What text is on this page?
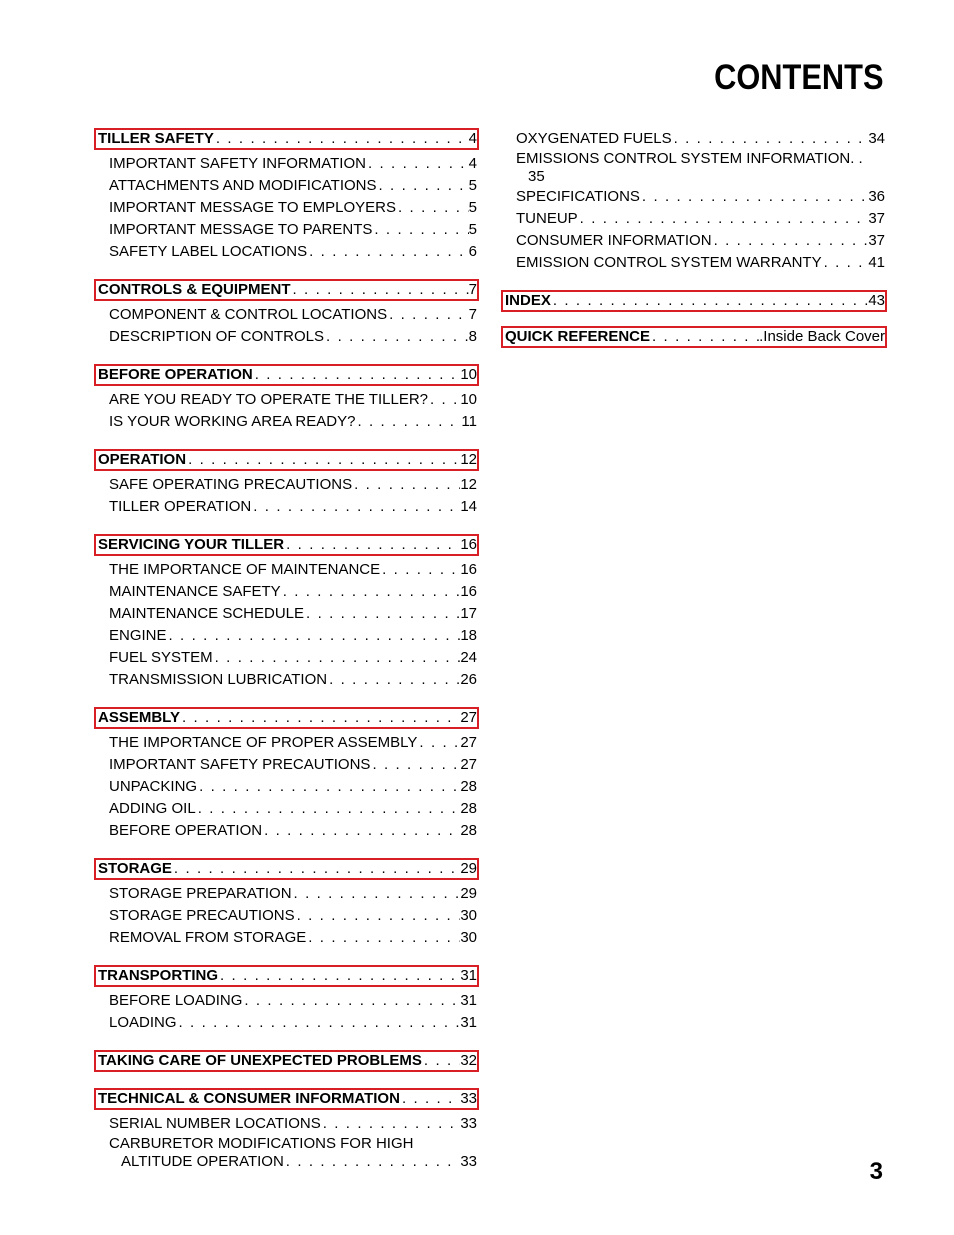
CONTENTS
TILLER SAFETY . . .	4
IMPORTANT SAFETY INFORMATION . . .	4
ATTACHMENTS AND MODIFICATIONS . . .	5
IMPORTANT MESSAGE TO EMPLOYERS . . .	5
IMPORTANT MESSAGE TO PARENTS . . .	5
SAFETY LABEL LOCATIONS . . .	6
CONTROLS & EQUIPMENT . . .	7
COMPONENT & CONTROL LOCATIONS . . .	7
DESCRIPTION OF CONTROLS . . .	8
BEFORE OPERATION . . .	10
ARE YOU READY TO OPERATE THE TILLER? . . . 10
IS YOUR WORKING AREA READY? . . .	11
OPERATION . . .	12
SAFE OPERATING PRECAUTIONS . . .	12
TILLER OPERATION . . .	14
SERVICING YOUR TILLER . . .	16
THE IMPORTANCE OF MAINTENANCE . . .	16
MAINTENANCE SAFETY . . .	16
MAINTENANCE SCHEDULE . . .	17
ENGINE . . .	18
FUEL SYSTEM . . .	24
TRANSMISSION LUBRICATION . . .	26
ASSEMBLY . . .	27
THE IMPORTANCE OF PROPER ASSEMBLY . . .	27
IMPORTANT SAFETY PRECAUTIONS . . .	27
UNPACKING . . .	28
ADDING OIL . . .	28
BEFORE OPERATION . . .	28
STORAGE . . .	29
STORAGE PREPARATION . . .	29
STORAGE PRECAUTIONS . . .	30
REMOVAL FROM STORAGE . . .	30
TRANSPORTING . . .	31
BEFORE LOADING . . .	31
LOADING . . .	31
TAKING CARE OF UNEXPECTED PROBLEMS . . .	32
TECHNICAL & CONSUMER INFORMATION . . .	33
SERIAL NUMBER LOCATIONS . . .	33
CARBURETOR MODIFICATIONS FOR HIGH
ALTITUDE OPERATION . . .	33
OXYGENATED FUELS . . .	34
EMISSIONS CONTROL SYSTEM INFORMATION. .
35
SPECIFICATIONS . . .	36
TUNEUP . . .	37
CONSUMER INFORMATION . . .	37
EMISSION CONTROL SYSTEM WARRANTY . . .	41
INDEX . . .	43
QUICK REFERENCE . . .	.Inside Back Cover
3
